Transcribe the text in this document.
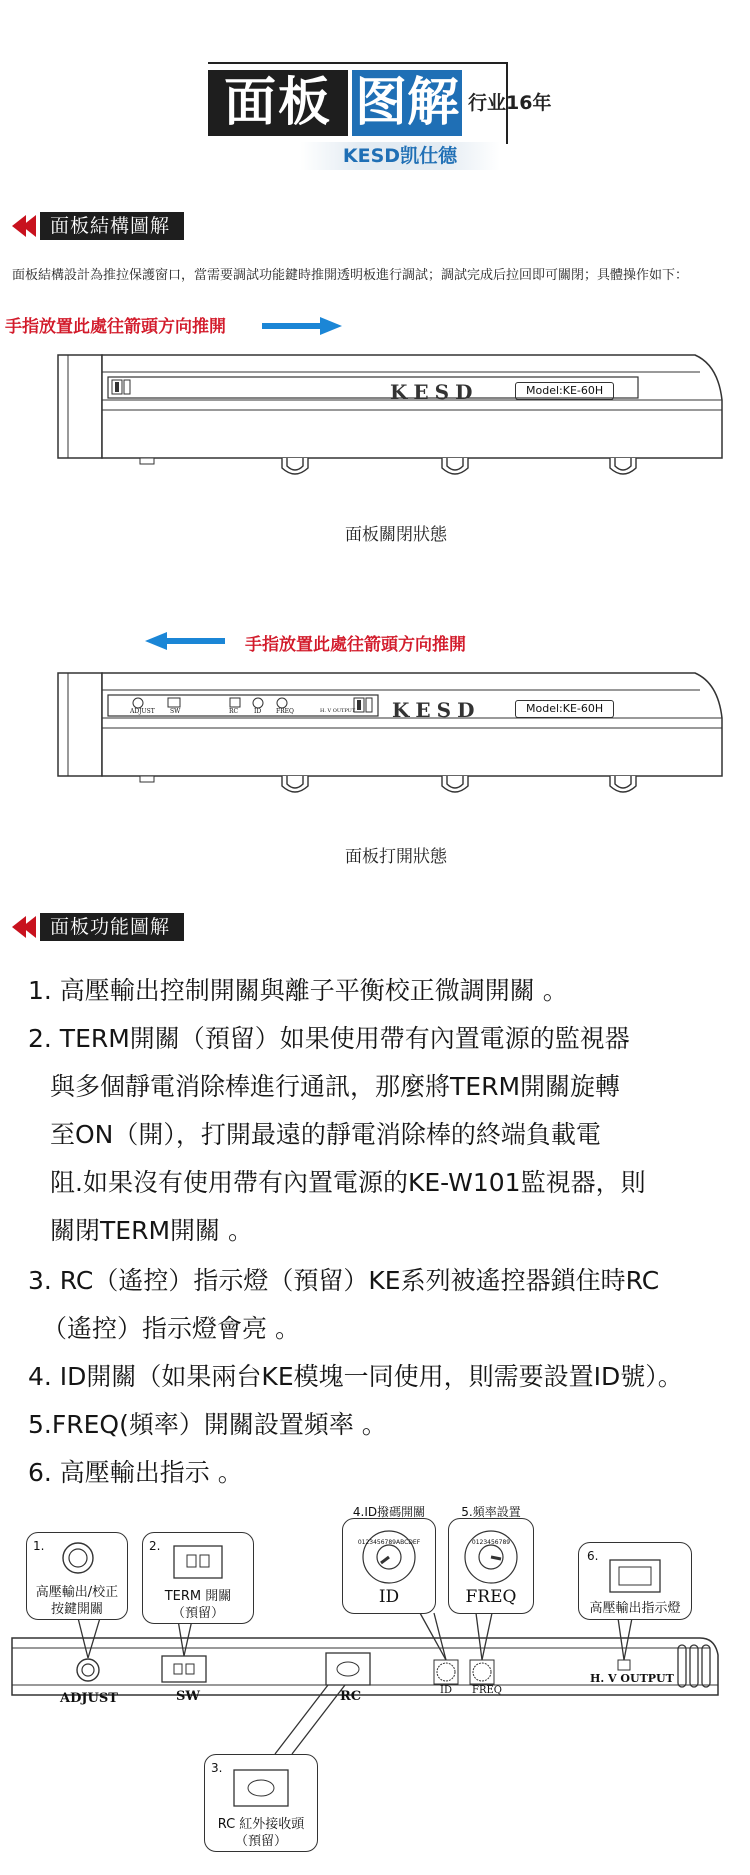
面板 图解 行业16年
KESD凯仕德
面板結構圖解
面板結構設計為推拉保護窗口，當需要調試功能鍵時推開透明板進行調試；調試完成后拉回即可關閉；具體操作如下：
手指放置此處往箭頭方向推開
KESD	Model:KE-60H
面板關閉狀態
手指放置此處往箭頭方向推開
KESD	Model:KE-60H
ADJUST	SW	RC	ID FREQ	H. V OUTPUT
面板打開狀態
面板功能圖解
1. 高壓輸出控制開關與離子平衡校正微調開關 。
2. TERM開關（預留）如果使用帶有內置電源的監視器
與多個靜電消除棒進行通訊，那麼將TERM開關旋轉
至ON（開），打開最遠的靜電消除棒的終端負載電
阻.如果沒有使用帶有內置電源的KE-W101監視器，則
關閉TERM開關 。
3. RC（遙控）指示燈（預留）KE系列被遙控器鎖住時RC
（遙控）指示燈會亮 。
4. ID開關（如果兩台KE模塊一同使用，則需要設置ID號）。
5.FREQ(頻率）開關設置頻率 。
6. 高壓輸出指示 。
ADJUST	SW	RC	ID FREQ
H. V OUTPUT
1.
高壓輸出/校正
按鍵開關
2.
TERM 開關
（預留）
3.
RC 紅外接收頭
（預留）
4.ID撥碼開關
0123456789ABCDEF
ID
5.頻率設置
0123456789
FREQ
6.
高壓輸出指示燈
